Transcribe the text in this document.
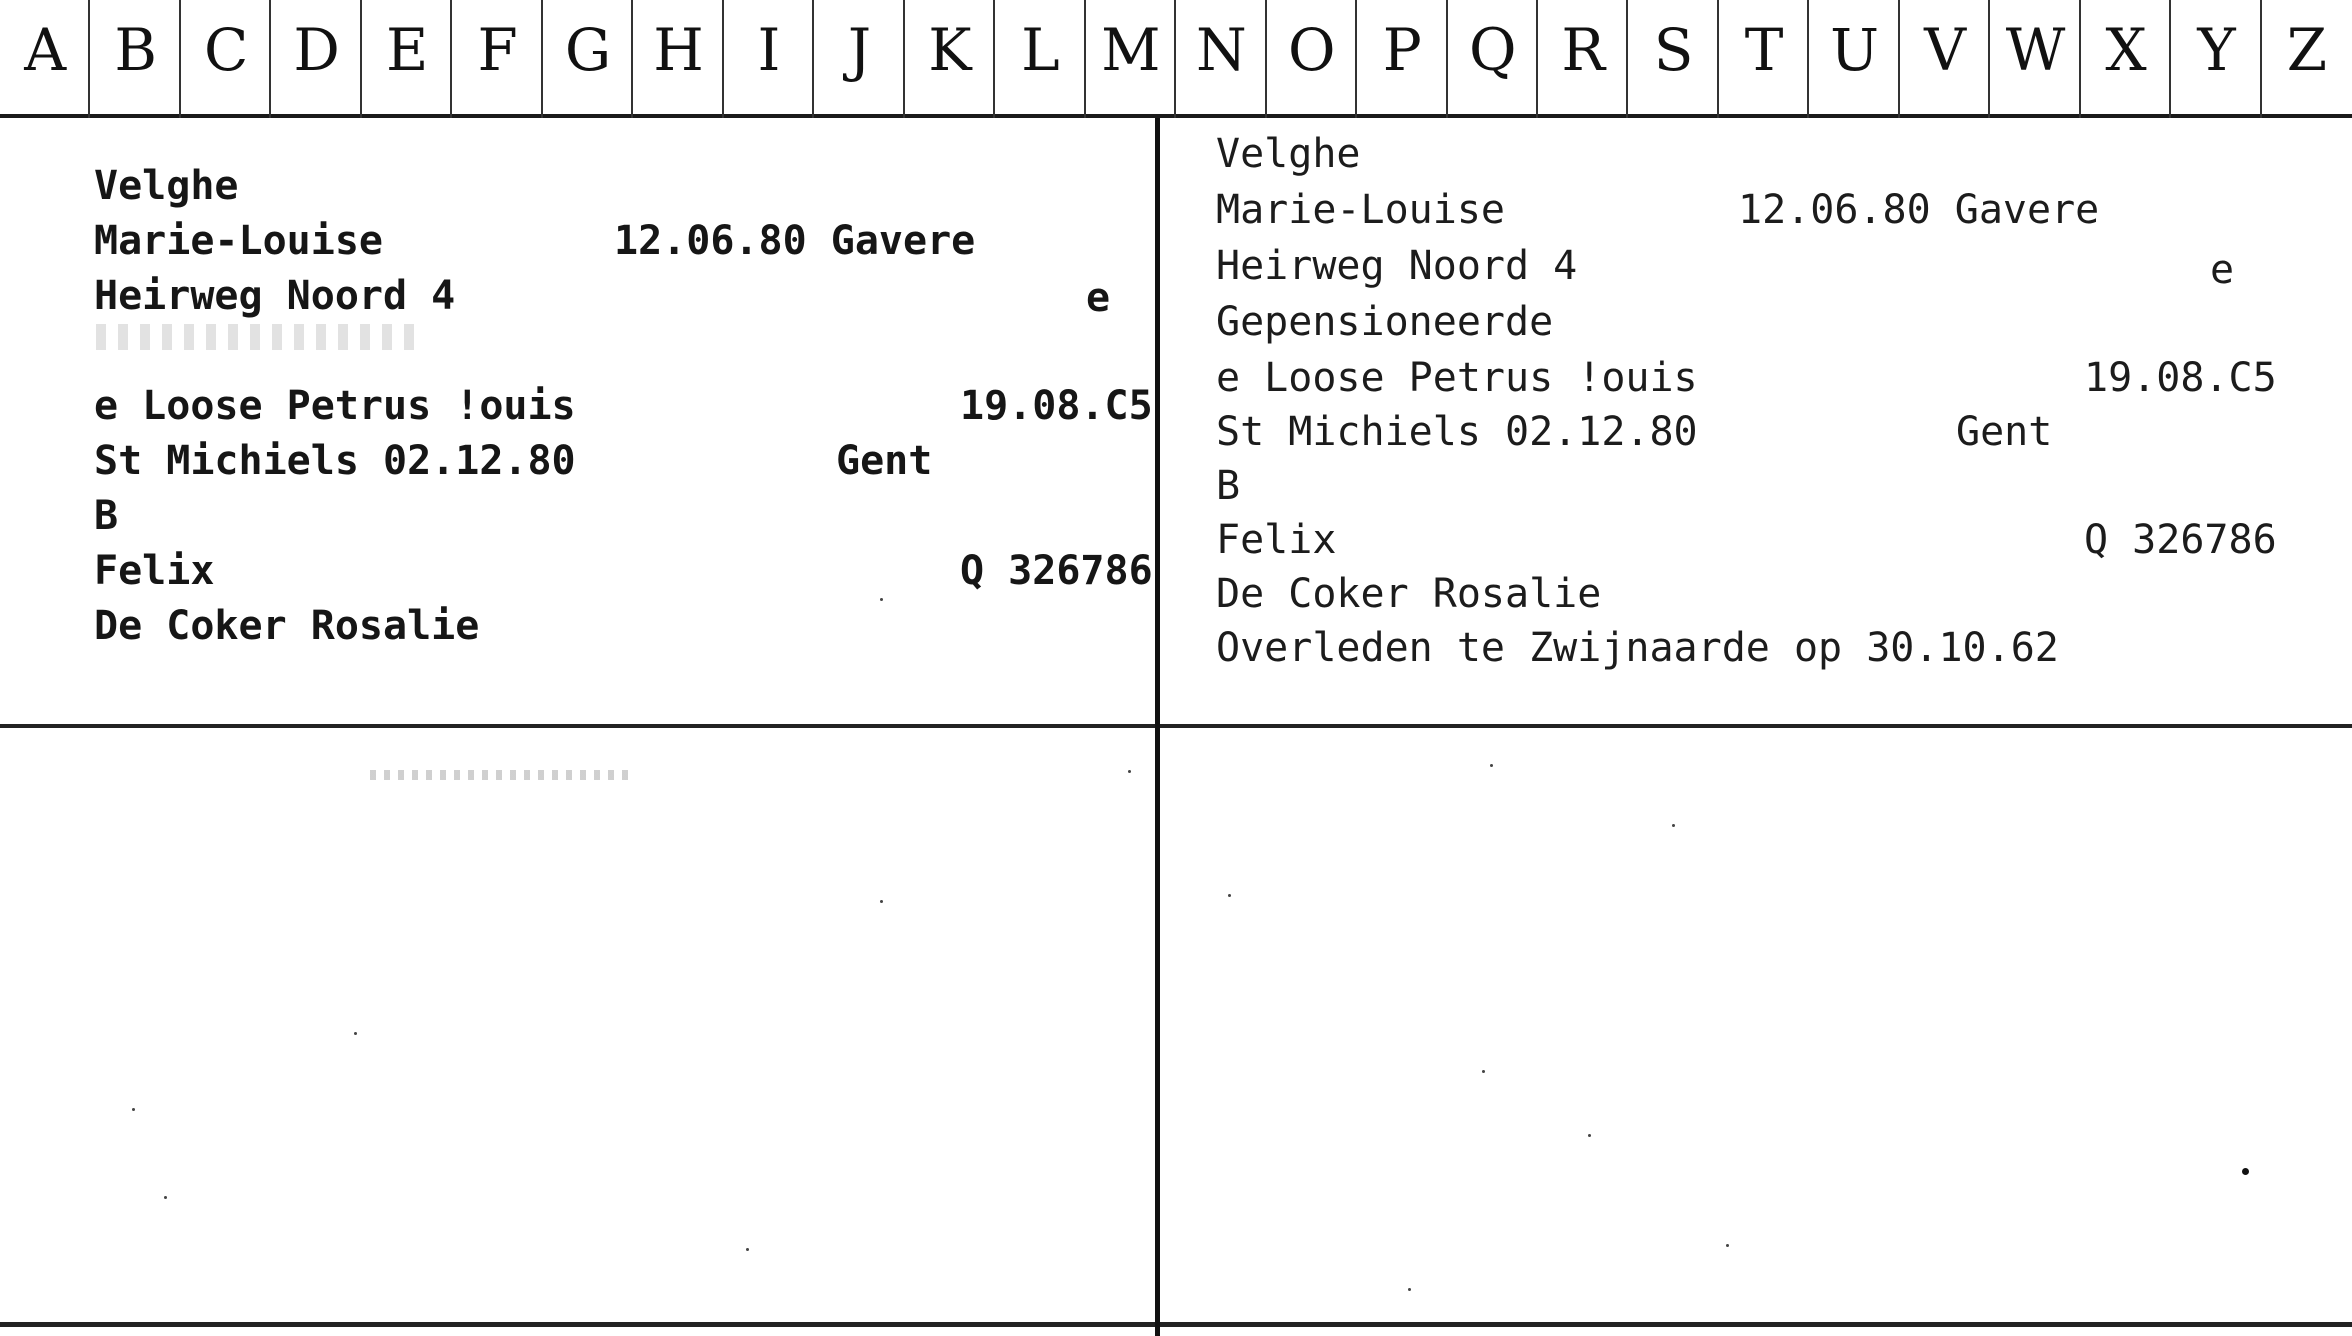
A B C D E F G H I	J K L M N O P Q R S T U V W X Y Z
Velghe
Marie-Louise	12.06.80 Gavere
Heirweg Noord 4	e
e Loose Petrus !ouis	19.08.C5
St Michiels 02.12.80	Gent
B
Felix	Q 326786
De Coker Rosalie
Velghe
Marie-Louise	12.06.80 Gavere
Heirweg Noord 4	e
Gepensioneerde
e Loose Petrus !ouis	19.08.C5
St Michiels 02.12.80	Gent
B
Felix	Q 326786
De Coker Rosalie
Overleden te Zwijnaarde op 30.10.62
